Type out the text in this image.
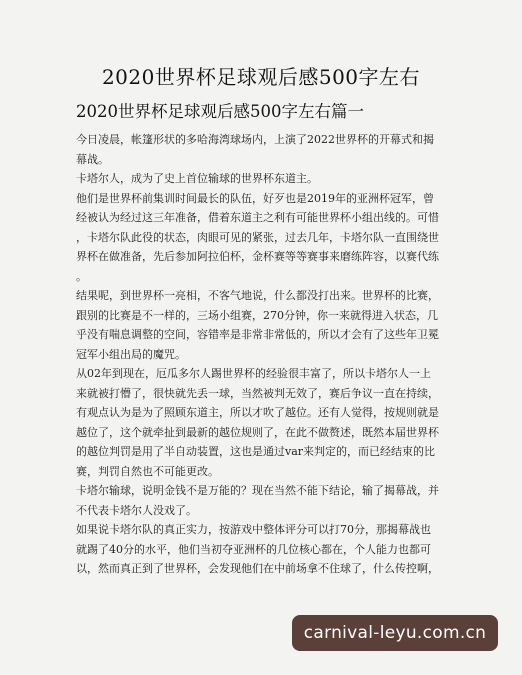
2020世界杯足球观后感500字左右
2020世界杯足球观后感500字左右篇一
今日凌晨，帐篷形状的多哈海湾球场内，上演了2022世界杯的开幕式和揭
幕战。
卡塔尔人，成为了史上首位输球的世界杯东道主。
他们是世界杯前集训时间最长的队伍，好歹也是2019年的亚洲杯冠军，曾
经被认为经过这三年准备，借着东道主之利有可能世界杯小组出线的。可惜
，卡塔尔队此役的状态，肉眼可见的紧张，过去几年，卡塔尔队一直围绕世
界杯在做准备，先后参加阿拉伯杯，金杯赛等等赛事来磨练阵容，以赛代练
。
结果呢，到世界杯一亮相，不客气地说，什么都没打出来。世界杯的比赛，
跟别的比赛是不一样的，三场小组赛，270分钟，你一来就得进入状态，几
乎没有喘息调整的空间，容错率是非常非常低的，所以才会有了这些年卫冕
冠军小组出局的魔咒。
从02年到现在，厄瓜多尔人踢世界杯的经验很丰富了，所以卡塔尔人一上
来就被打懵了，很快就先丢一球，当然被判无效了，赛后争议一直在持续，
有观点认为是为了照顾东道主，所以才吹了越位。还有人觉得，按规则就是
越位了，这个就牵扯到最新的越位规则了，在此不做赘述，既然本届世界杯
的越位判罚是用了半自动装置，这也是通过var来判定的，而已经结束的比
赛，判罚自然也不可能更改。
卡塔尔输球，说明金钱不是万能的？现在当然不能下结论，输了揭幕战，并
不代表卡塔尔人没戏了。
如果说卡塔尔队的真正实力，按游戏中整体评分可以打70分，那揭幕战也
就踢了40分的水平，他们当初夺亚洲杯的几位核心都在，个人能力也都可
以，然而真正到了世界杯，会发现他们在中前场拿不住球了，什么传控啊，
carnival-leyu.com.cn
